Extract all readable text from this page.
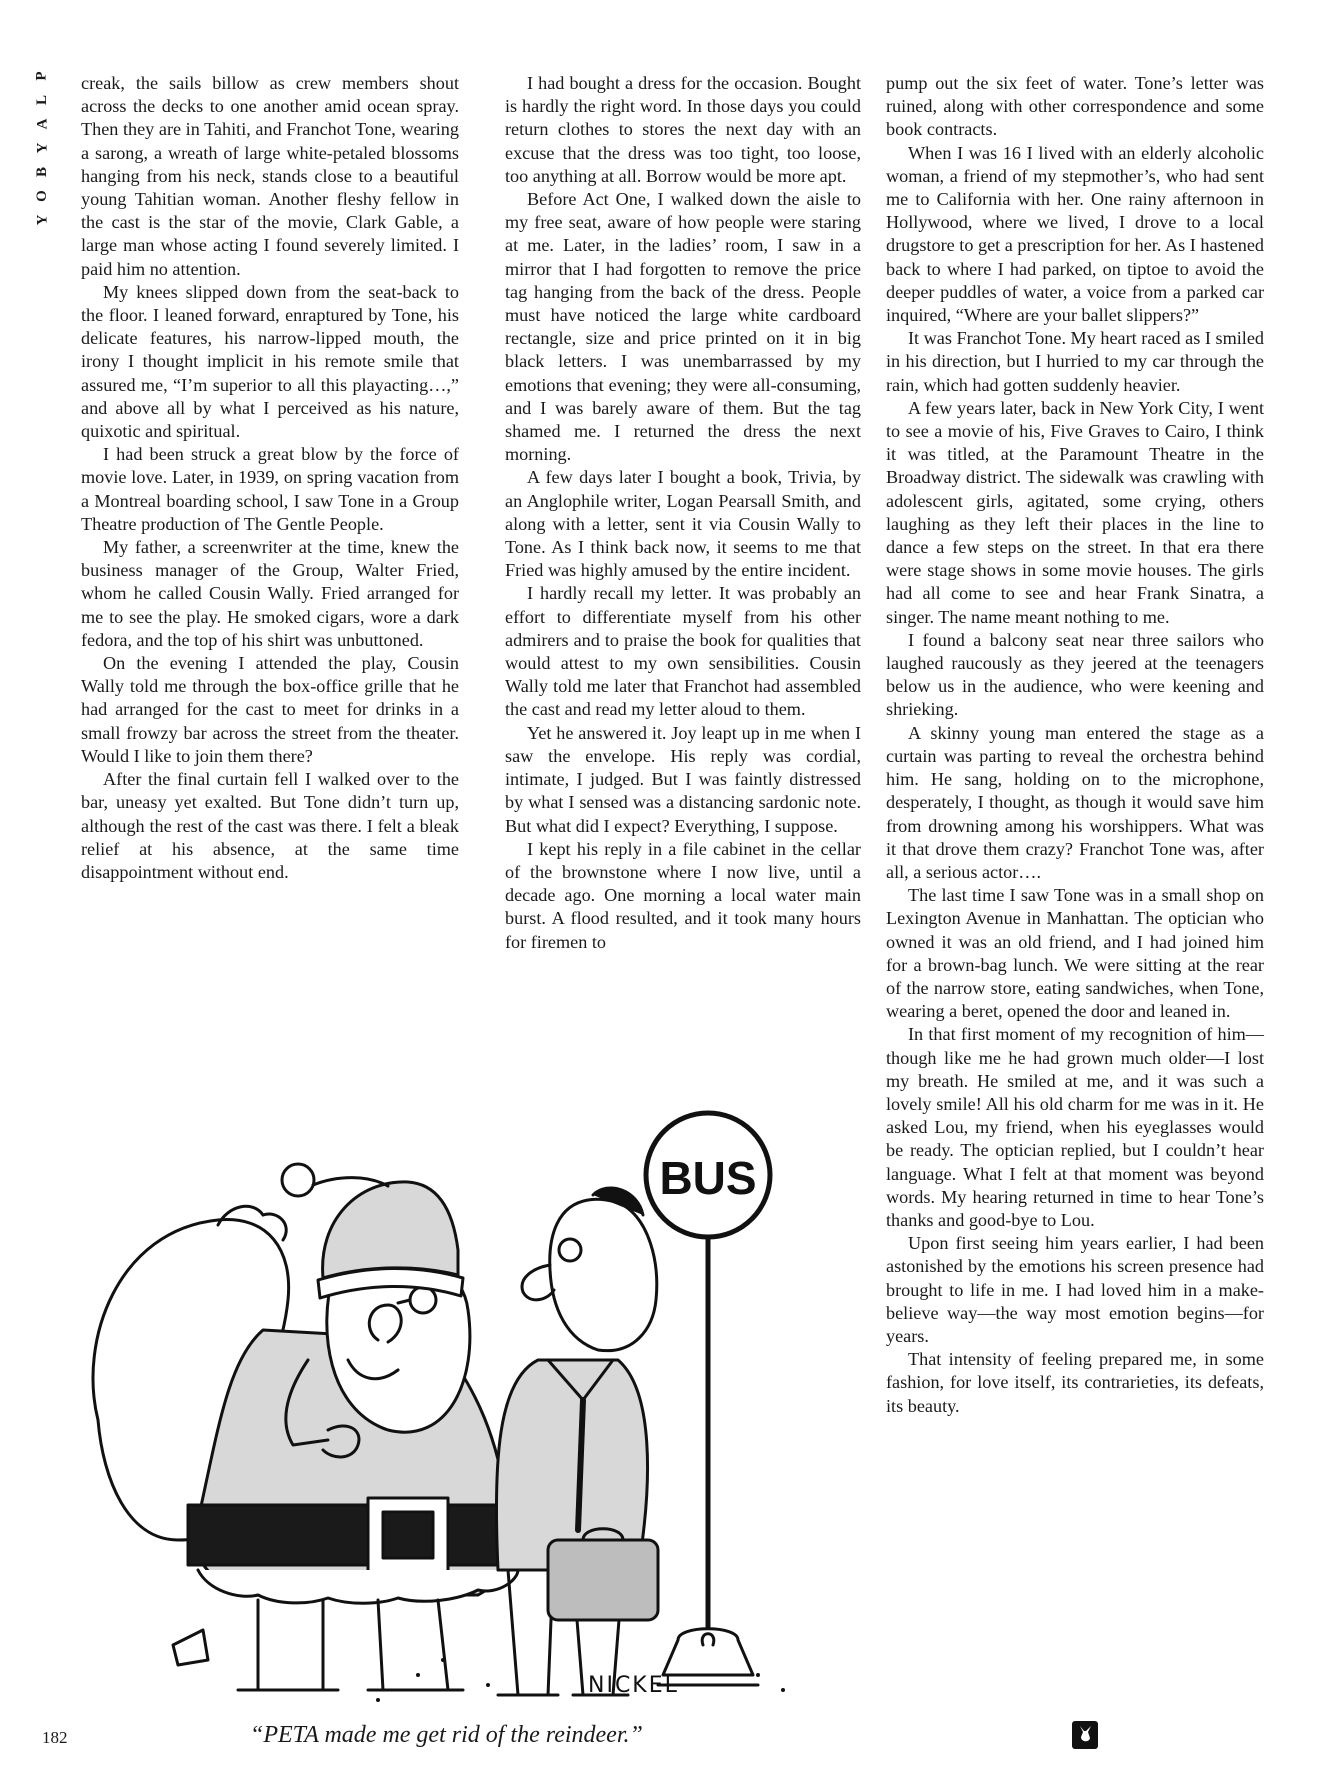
P
L
A
Y
B
O
Y

creak, the sails billow as crew members shout across the decks to one another amid ocean spray. Then they are in Tahiti, and Franchot Tone, wearing a sarong, a wreath of large white-petaled blossoms hanging from his neck, stands close to a beautiful young Tahitian woman. Another fleshy fellow in the cast is the star of the movie, Clark Gable, a large man whose acting I found severely limited. I paid him no attention.

My knees slipped down from the seat-back to the floor. I leaned forward, enraptured by Tone, his delicate features, his narrow-lipped mouth, the irony I thought implicit in his remote smile that assured me, “I’m superior to all this playacting…,” and above all by what I perceived as his nature, quixotic and spiritual.

I had been struck a great blow by the force of movie love. Later, in 1939, on spring vacation from a Montreal boarding school, I saw Tone in a Group Theatre production of The Gentle People.

My father, a screenwriter at the time, knew the business manager of the Group, Walter Fried, whom he called Cousin Wally. Fried arranged for me to see the play. He smoked cigars, wore a dark fedora, and the top of his shirt was unbuttoned.

On the evening I attended the play, Cousin Wally told me through the box-office grille that he had arranged for the cast to meet for drinks in a small frowzy bar across the street from the theater. Would I like to join them there?

After the final curtain fell I walked over to the bar, uneasy yet exalted. But Tone didn’t turn up, although the rest of the cast was there. I felt a bleak relief at his absence, at the same time disappointment without end.

I had bought a dress for the occasion. Bought is hardly the right word. In those days you could return clothes to stores the next day with an excuse that the dress was too tight, too loose, too anything at all. Borrow would be more apt.

Before Act One, I walked down the aisle to my free seat, aware of how people were staring at me. Later, in the ladies’ room, I saw in a mirror that I had forgotten to remove the price tag hanging from the back of the dress. People must have noticed the large white cardboard rectangle, size and price printed on it in big black letters. I was unembarrassed by my emotions that evening; they were all-consuming, and I was barely aware of them. But the tag shamed me. I returned the dress the next morning.

A few days later I bought a book, Trivia, by an Anglophile writer, Logan Pearsall Smith, and along with a letter, sent it via Cousin Wally to Tone. As I think back now, it seems to me that Fried was highly amused by the entire incident.

I hardly recall my letter. It was probably an effort to differentiate myself from his other admirers and to praise the book for qualities that would attest to my own sensibilities. Cousin Wally told me later that Franchot had assembled the cast and read my letter aloud to them.

Yet he answered it. Joy leapt up in me when I saw the envelope. His reply was cordial, intimate, I judged. But I was faintly distressed by what I sensed was a distancing sardonic note. But what did I expect? Everything, I suppose.

I kept his reply in a file cabinet in the cellar of the brownstone where I now live, until a decade ago. One morning a local water main burst. A flood resulted, and it took many hours for firemen to

pump out the six feet of water. Tone’s letter was ruined, along with other correspondence and some book contracts.

When I was 16 I lived with an elderly alcoholic woman, a friend of my stepmother’s, who had sent me to California with her. One rainy afternoon in Hollywood, where we lived, I drove to a local drugstore to get a prescription for her. As I hastened back to where I had parked, on tiptoe to avoid the deeper puddles of water, a voice from a parked car inquired, “Where are your ballet slippers?”

It was Franchot Tone. My heart raced as I smiled in his direction, but I hurried to my car through the rain, which had gotten suddenly heavier.

A few years later, back in New York City, I went to see a movie of his, Five Graves to Cairo, I think it was titled, at the Paramount Theatre in the Broadway district. The sidewalk was crawling with adolescent girls, agitated, some crying, others laughing as they left their places in the line to dance a few steps on the street. In that era there were stage shows in some movie houses. The girls had all come to see and hear Frank Sinatra, a singer. The name meant nothing to me.

I found a balcony seat near three sailors who laughed raucously as they jeered at the teenagers below us in the audience, who were keening and shrieking.

A skinny young man entered the stage as a curtain was parting to reveal the orchestra behind him. He sang, holding on to the microphone, desperately, I thought, as though it would save him from drowning among his worshippers. What was it that drove them crazy? Franchot Tone was, after all, a serious actor….

The last time I saw Tone was in a small shop on Lexington Avenue in Manhattan. The optician who owned it was an old friend, and I had joined him for a brown-bag lunch. We were sitting at the rear of the narrow store, eating sandwiches, when Tone, wearing a beret, opened the door and leaned in.

In that first moment of my recognition of him—though like me he had grown much older—I lost my breath. He smiled at me, and it was such a lovely smile! All his old charm for me was in it. He asked Lou, my friend, when his eyeglasses would be ready. The optician replied, but I couldn’t hear language. What I felt at that moment was beyond words. My hearing returned in time to hear Tone’s thanks and good-bye to Lou.

Upon first seeing him years earlier, I had been astonished by the emotions his screen presence had brought to life in me. I had loved him in a make-believe way—the way most emotion begins—for years.

That intensity of feeling prepared me, in some fashion, for love itself, its contrarieties, its defeats, its beauty.

BUS
NICKEL
182	“PETA made me get rid of the reindeer.”
